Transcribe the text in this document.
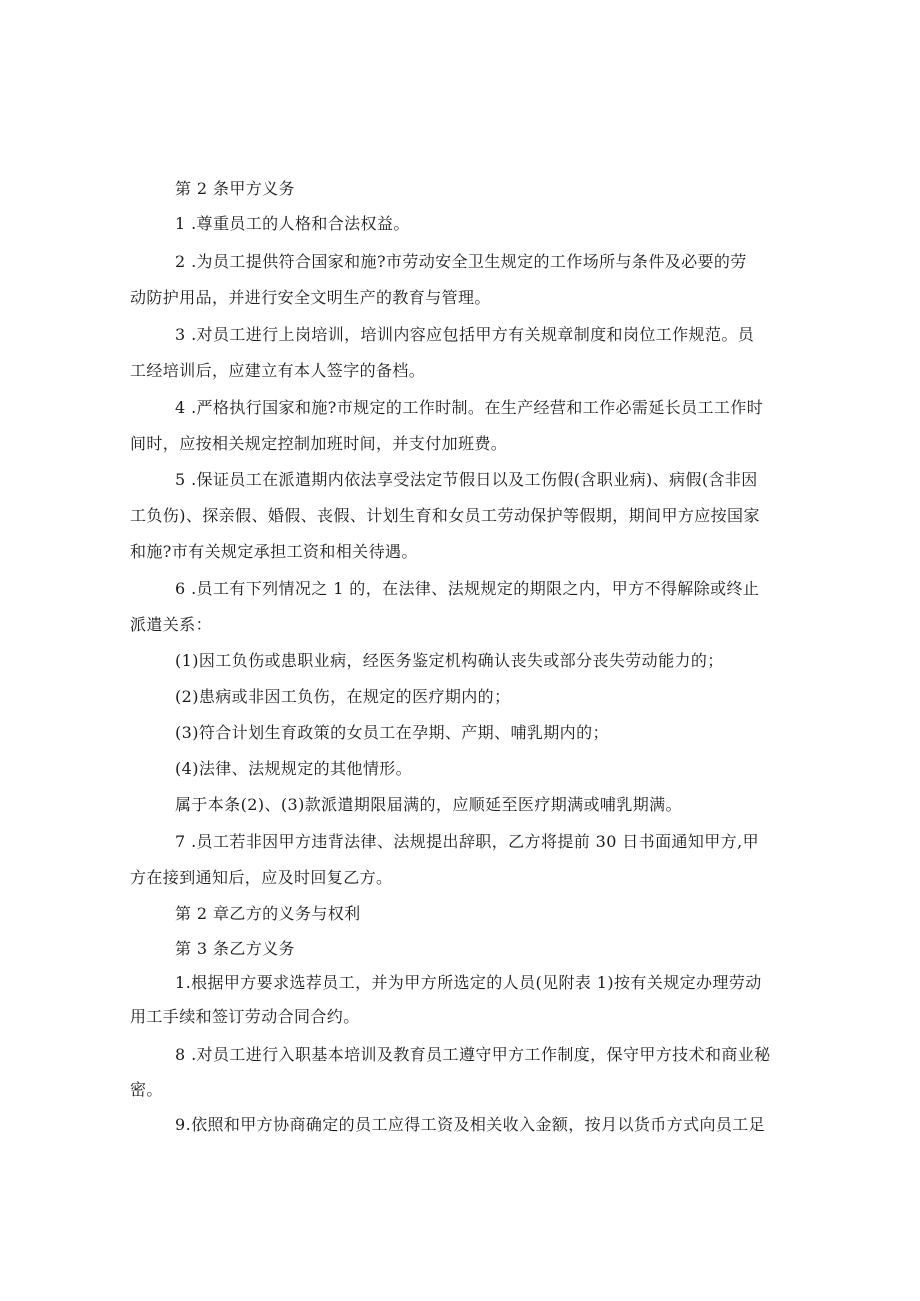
第 2 条甲方义务
1 .尊重员工的人格和合法权益。
2 .为员工提供符合国家和施?市劳动安全卫生规定的工作场所与条件及必要的劳
动防护用品，并进行安全文明生产的教育与管理。
3 .对员工进行上岗培训，培训内容应包括甲方有关规章制度和岗位工作规范。员
工经培训后，应建立有本人签字的备档。
4 .严格执行国家和施?市规定的工作时制。在生产经营和工作必需延长员工工作时
间时，应按相关规定控制加班时间，并支付加班费。
5 .保证员工在派遣期内依法享受法定节假日以及工伤假(含职业病)、病假(含非因
工负伤)、探亲假、婚假、丧假、计划生育和女员工劳动保护等假期，期间甲方应按国家
和施?市有关规定承担工资和相关待遇。
6 .员工有下列情况之 1 的，在法律、法规规定的期限之内，甲方不得解除或终止
派遣关系：
(1)因工负伤或患职业病，经医务鉴定机构确认丧失或部分丧失劳动能力的；
(2)患病或非因工负伤，在规定的医疗期内的；
(3)符合计划生育政策的女员工在孕期、产期、哺乳期内的；
(4)法律、法规规定的其他情形。
属于本条(2)、(3)款派遣期限届满的，应顺延至医疗期满或哺乳期满。
7 .员工若非因甲方违背法律、法规提出辞职，乙方将提前 30 日书面通知甲方,甲
方在接到通知后，应及时回复乙方。
第 2 章乙方的义务与权利
第 3 条乙方义务
1.根据甲方要求选荐员工，并为甲方所选定的人员(见附表 1)按有关规定办理劳动
用工手续和签订劳动合同合约。
8 .对员工进行入职基本培训及教育员工遵守甲方工作制度，保守甲方技术和商业秘
密。
9.依照和甲方协商确定的员工应得工资及相关收入金额，按月以货币方式向员工足
